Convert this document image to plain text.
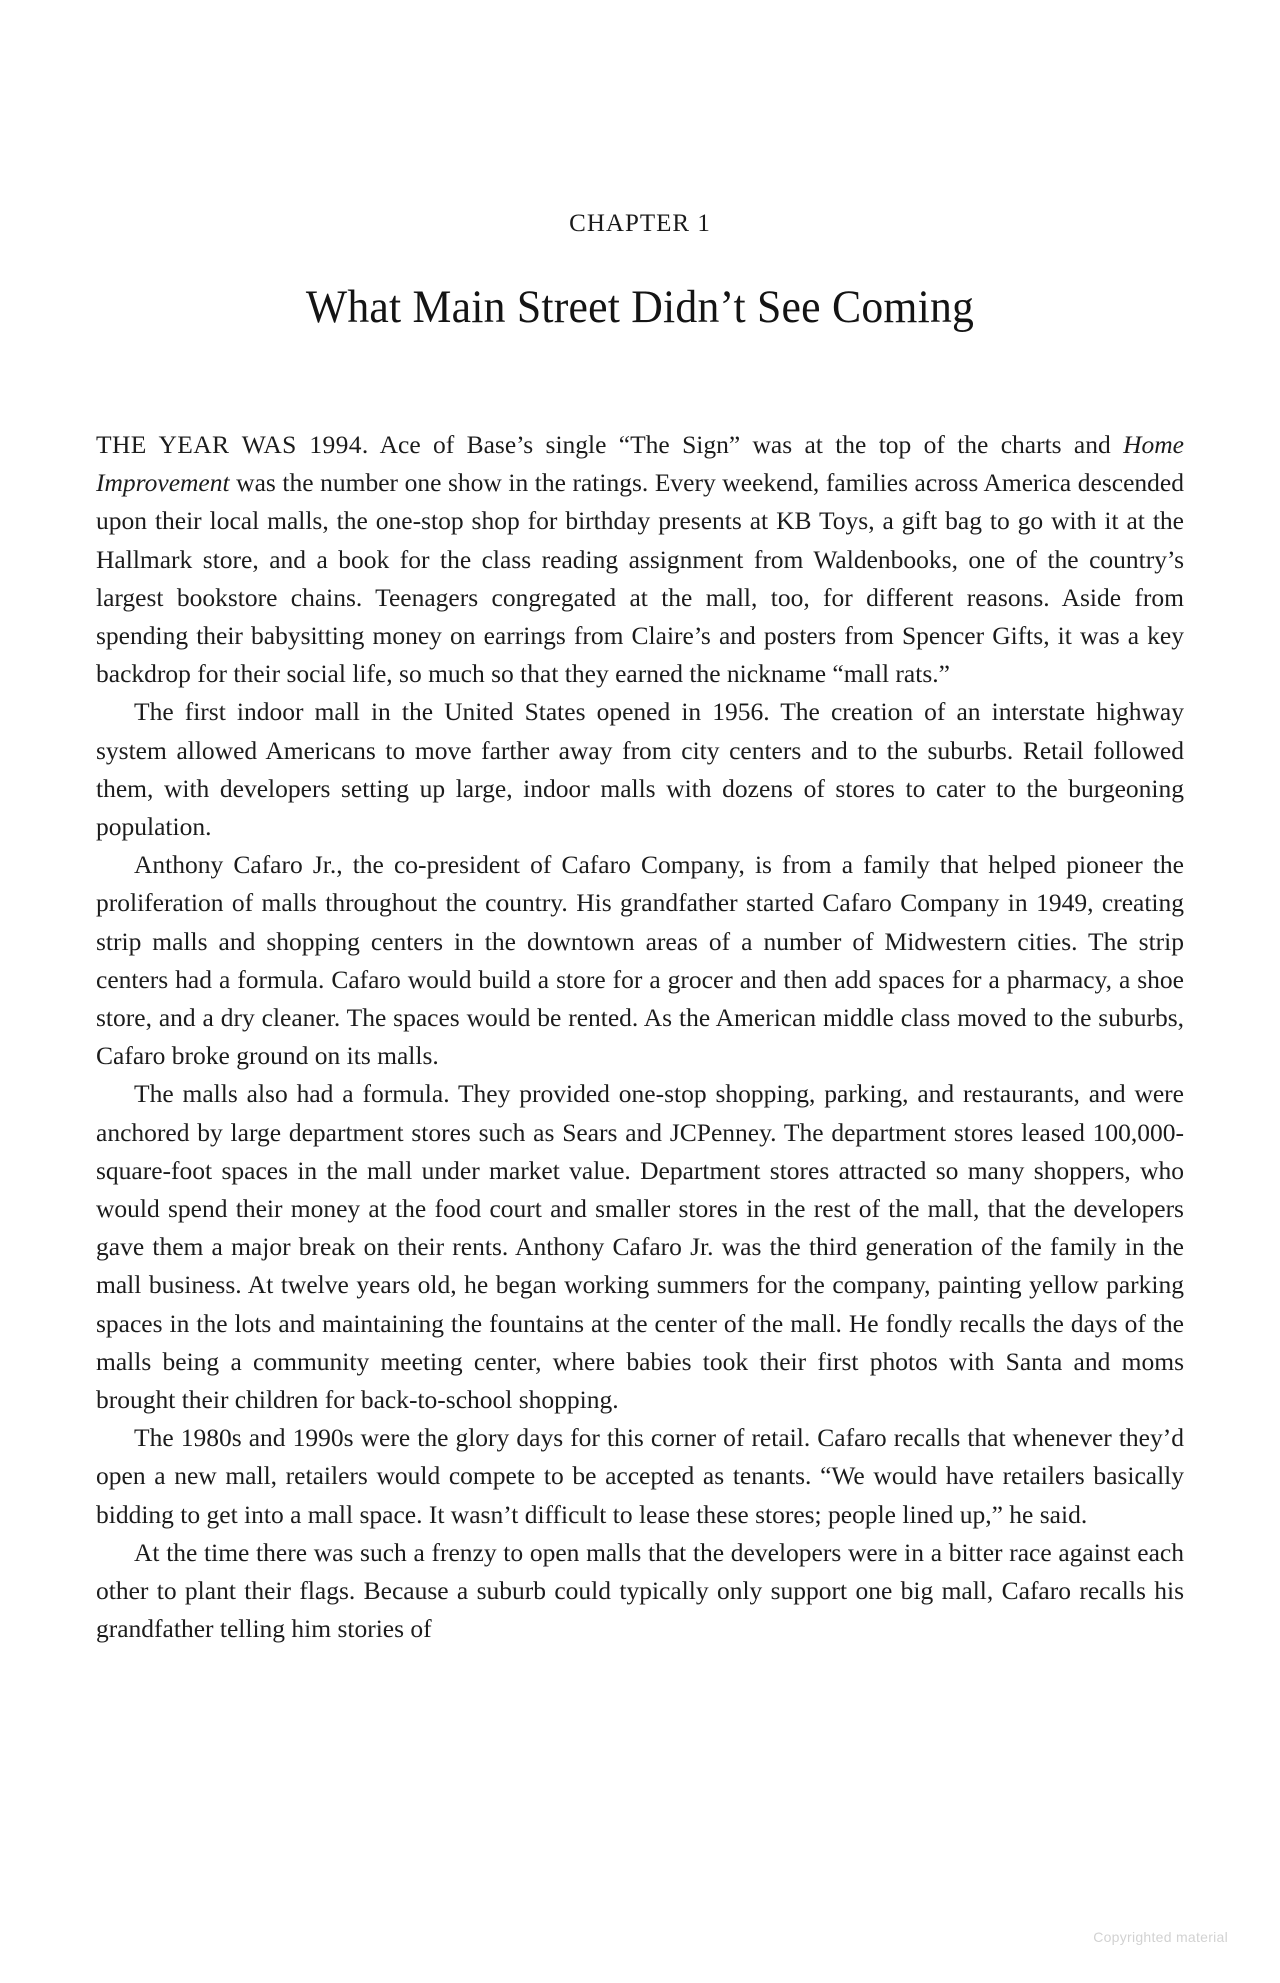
CHAPTER 1
What Main Street Didn’t See Coming

THE YEAR WAS 1994. Ace of Base’s single “The Sign” was at the top of the charts and Home Improvement was the number one show in the ratings. Every weekend, families across America descended upon their local malls, the one-stop shop for birthday presents at KB Toys, a gift bag to go with it at the Hallmark store, and a book for the class reading assignment from Waldenbooks, one of the country’s largest bookstore chains. Teenagers congregated at the mall, too, for different reasons. Aside from spending their babysitting money on earrings from Claire’s and posters from Spencer Gifts, it was a key backdrop for their social life, so much so that they earned the nickname “mall rats.”

The first indoor mall in the United States opened in 1956. The creation of an interstate highway system allowed Americans to move farther away from city centers and to the suburbs. Retail followed them, with developers setting up large, indoor malls with dozens of stores to cater to the burgeoning population.

Anthony Cafaro Jr., the co-president of Cafaro Company, is from a family that helped pioneer the proliferation of malls throughout the country. His grandfather started Cafaro Company in 1949, creating strip malls and shopping centers in the downtown areas of a number of Midwestern cities. The strip centers had a formula. Cafaro would build a store for a grocer and then add spaces for a pharmacy, a shoe store, and a dry cleaner. The spaces would be rented. As the American middle class moved to the suburbs, Cafaro broke ground on its malls.

The malls also had a formula. They provided one-stop shopping, parking, and restaurants, and were anchored by large department stores such as Sears and JCPenney. The department stores leased 100,000-square-foot spaces in the mall under market value. Department stores attracted so many shoppers, who would spend their money at the food court and smaller stores in the rest of the mall, that the developers gave them a major break on their rents. Anthony Cafaro Jr. was the third generation of the family in the mall business. At twelve years old, he began working summers for the company, painting yellow parking spaces in the lots and maintaining the fountains at the center of the mall. He fondly recalls the days of the malls being a community meeting center, where babies took their first photos with Santa and moms brought their children for back-to-school shopping.

The 1980s and 1990s were the glory days for this corner of retail. Cafaro recalls that whenever they’d open a new mall, retailers would compete to be accepted as tenants. “We would have retailers basically bidding to get into a mall space. It wasn’t difficult to lease these stores; people lined up,” he said.

At the time there was such a frenzy to open malls that the developers were in a bitter race against each other to plant their flags. Because a suburb could typically only support one big mall, Cafaro recalls his grandfather telling him stories of

Copyrighted material
